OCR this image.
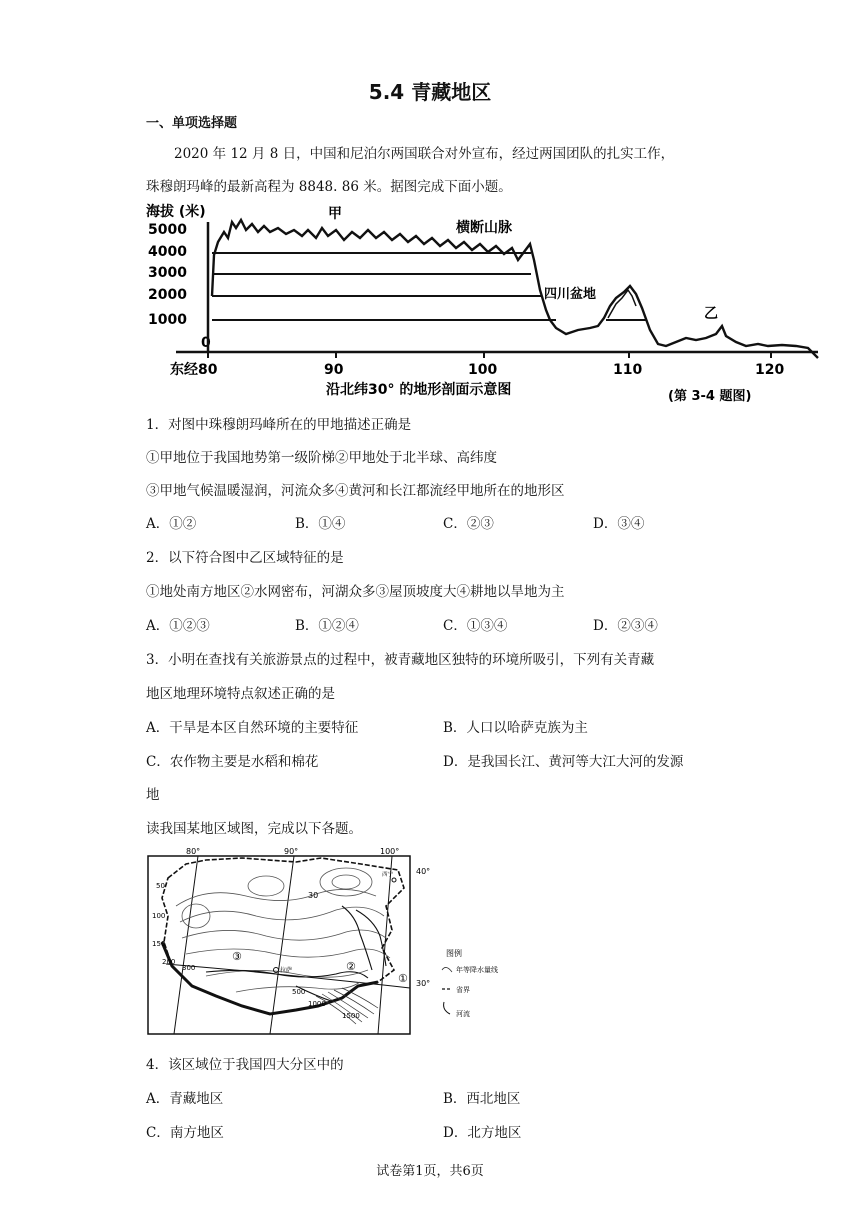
5.4 青藏地区
一、单项选择题
2020 年 12 月 8 日，中国和尼泊尔两国联合对外宣布，经过两国团队的扎实工作，
珠穆朗玛峰的最新高程为 8848. 86 米。据图完成下面小题。
海拔 (米)
5000
4000
3000
2000
1000
0
甲
横断山脉
四川盆地
乙
东经80	90	100	110	120
沿北纬30° 的地形剖面示意图	(第 3-4 题图)
1．对图中珠穆朗玛峰所在的甲地描述正确是
①甲地位于我国地势第一级阶梯②甲地处于北半球、高纬度
③甲地气候温暖湿润，河流众多④黄河和长江都流经甲地所在的地形区
A．①②	B．①④	C．②③	D．③④
2．以下符合图中乙区域特征的是
①地处南方地区②水网密布，河湖众多③屋顶坡度大④耕地以旱地为主
A．①②③	B．①②④	C．①③④	D．②③④
3．小明在查找有关旅游景点的过程中，被青藏地区独特的环境所吸引，下列有关青藏
地区地理环境特点叙述正确的是
A．干旱是本区自然环境的主要特征	B．人口以哈萨克族为主
C．农作物主要是水稻和棉花	D．是我国长江、黄河等大江大河的发源
地
读我国某地区域图，完成以下各题。
80°	90°	100°
40°
30°
50
100
150
200
300
500
1000
1500
30
①
②
③
拉萨
西宁
图例
年等降水量线
省界
河流
4．该区域位于我国四大分区中的
A．青藏地区	B．西北地区
C．南方地区	D．北方地区
试卷第1页，共6页
